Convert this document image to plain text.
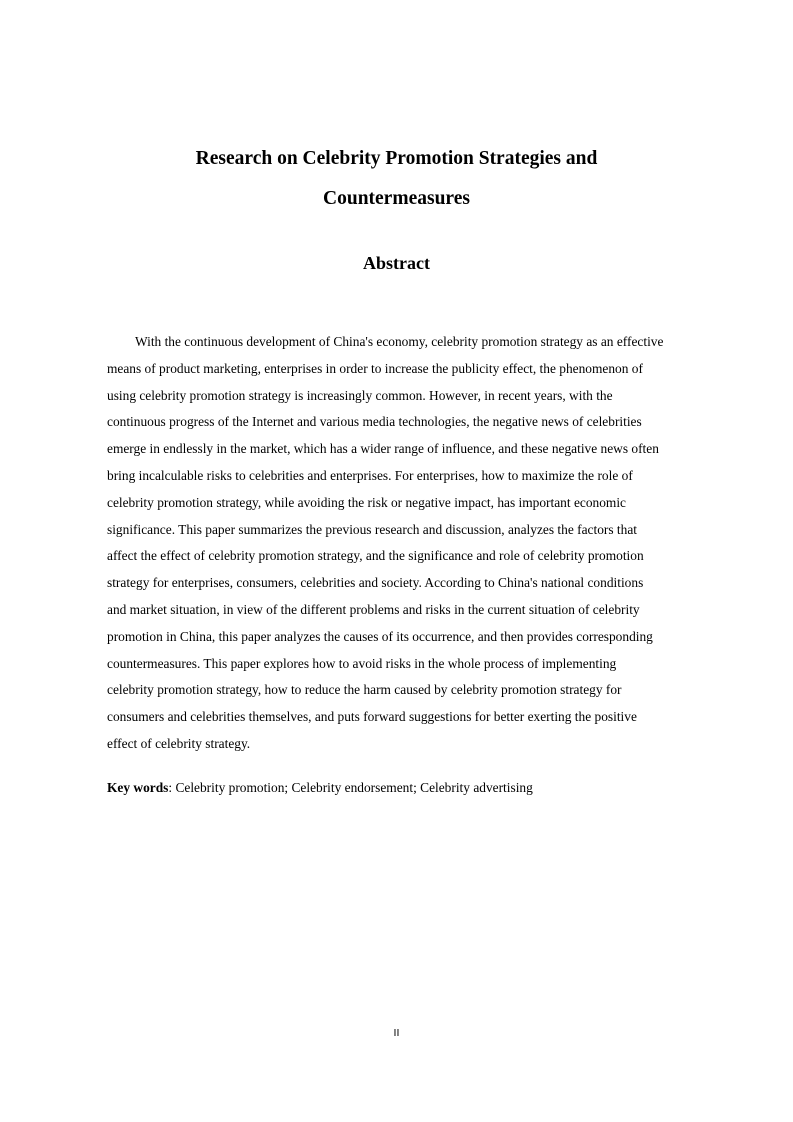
Research on Celebrity Promotion Strategies and
Countermeasures
Abstract
With the continuous development of China's economy, celebrity promotion strategy as an effective
means of product marketing, enterprises in order to increase the publicity effect, the phenomenon of
using celebrity promotion strategy is increasingly common. However, in recent years, with the
continuous progress of the Internet and various media technologies, the negative news of celebrities
emerge in endlessly in the market, which has a wider range of influence, and these negative news often
bring incalculable risks to celebrities and enterprises. For enterprises, how to maximize the role of
celebrity promotion strategy, while avoiding the risk or negative impact, has important economic
significance. This paper summarizes the previous research and discussion, analyzes the factors that
affect the effect of celebrity promotion strategy, and the significance and role of celebrity promotion
strategy for enterprises, consumers, celebrities and society. According to China's national conditions
and market situation, in view of the different problems and risks in the current situation of celebrity
promotion in China, this paper analyzes the causes of its occurrence, and then provides corresponding
countermeasures. This paper explores how to avoid risks in the whole process of implementing
celebrity promotion strategy, how to reduce the harm caused by celebrity promotion strategy for
consumers and celebrities themselves, and puts forward suggestions for better exerting the positive
effect of celebrity strategy.
Key words: Celebrity promotion; Celebrity endorsement; Celebrity advertising
II
